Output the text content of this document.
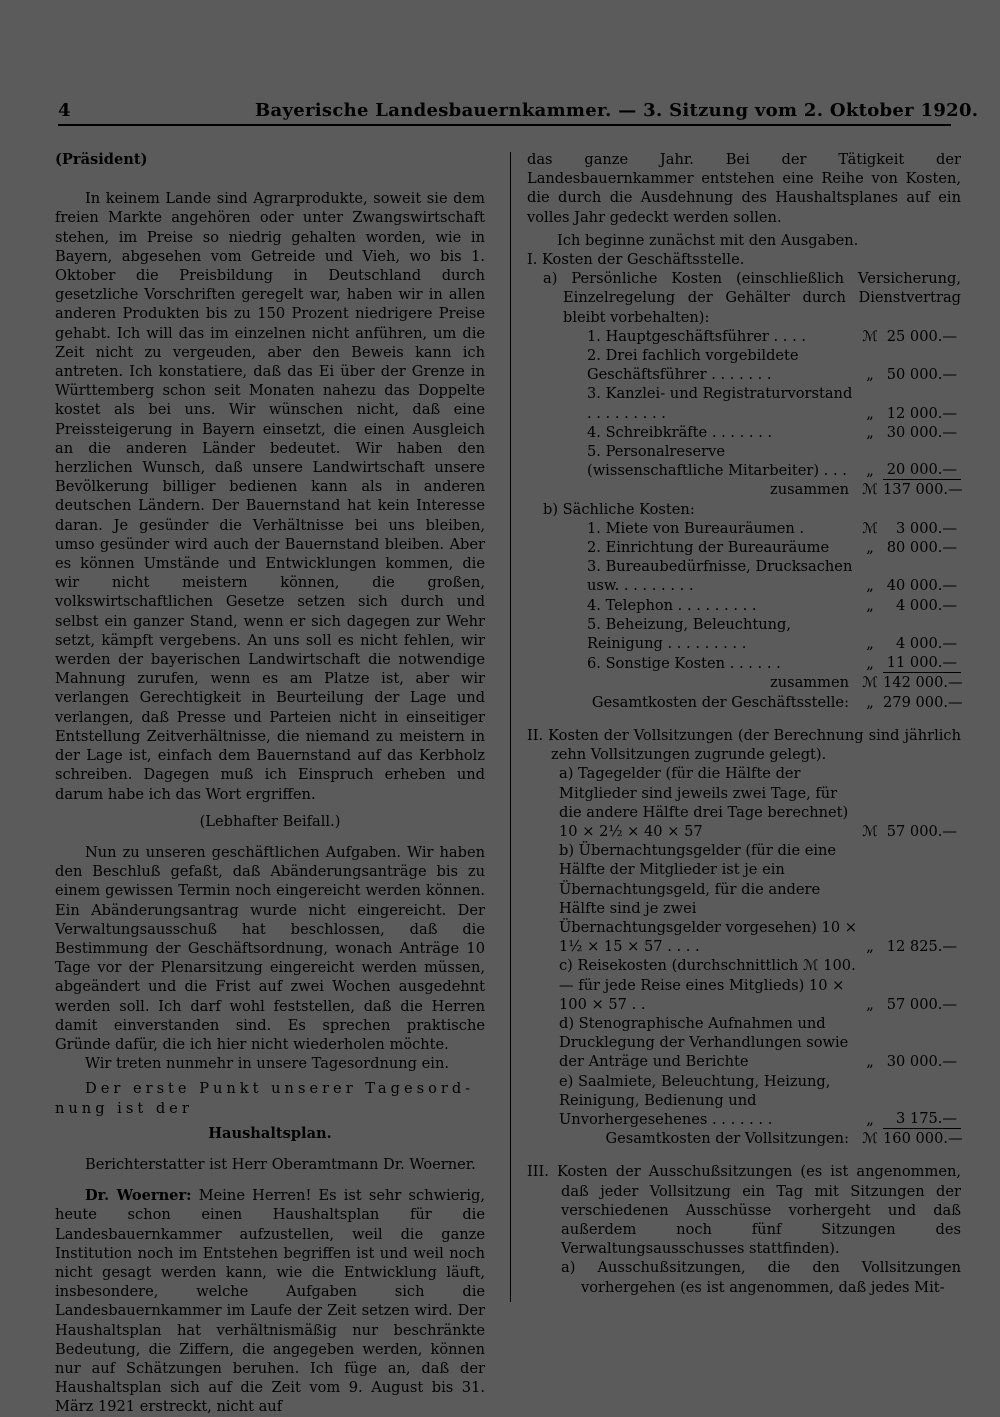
4	Bayerische Landesbauernkammer. — 3. Sitzung vom 2. Oktober 1920.

(Präsident)

In keinem Lande sind Agrarprodukte, soweit sie dem freien Markte angehören oder unter Zwangswirtschaft stehen, im Preise so niedrig gehalten worden, wie in Bayern, abgesehen vom Getreide und Vieh, wo bis 1. Oktober die Preisbildung in Deutschland durch gesetzliche Vorschriften geregelt war, haben wir in allen anderen Produkten bis zu 150 Prozent niedrigere Preise gehabt. Ich will das im einzelnen nicht anführen, um die Zeit nicht zu vergeuden, aber den Beweis kann ich antreten. Ich konstatiere, daß das Ei über der Grenze in Württemberg schon seit Monaten nahezu das Doppelte kostet als bei uns. Wir wünschen nicht, daß eine Preissteigerung in Bayern einsetzt, die einen Ausgleich an die anderen Länder bedeutet. Wir haben den herzlichen Wunsch, daß unsere Landwirtschaft unsere Bevölkerung billiger bedienen kann als in anderen deutschen Ländern. Der Bauernstand hat kein Interesse daran. Je gesünder die Verhältnisse bei uns bleiben, umso gesünder wird auch der Bauernstand bleiben. Aber es können Umstände und Entwicklungen kommen, die wir nicht meistern können, die großen, volkswirtschaftlichen Gesetze setzen sich durch und selbst ein ganzer Stand, wenn er sich dagegen zur Wehr setzt, kämpft vergebens. An uns soll es nicht fehlen, wir werden der bayerischen Landwirtschaft die notwendige Mahnung zurufen, wenn es am Platze ist, aber wir verlangen Gerechtigkeit in Beurteilung der Lage und verlangen, daß Presse und Parteien nicht in einseitiger Entstellung Zeitverhältnisse, die niemand zu meistern in der Lage ist, einfach dem Bauernstand auf das Kerbholz schreiben. Dagegen muß ich Einspruch erheben und darum habe ich das Wort ergriffen.

(Lebhafter Beifall.)

Nun zu unseren geschäftlichen Aufgaben. Wir haben den Beschluß gefaßt, daß Abänderungsanträge bis zu einem gewissen Termin noch eingereicht werden können. Ein Abänderungsantrag wurde nicht eingereicht. Der Verwaltungsausschuß hat beschlossen, daß die Bestimmung der Geschäftsordnung, wonach Anträge 10 Tage vor der Plenarsitzung eingereicht werden müssen, abgeändert und die Frist auf zwei Wochen ausgedehnt werden soll. Ich darf wohl feststellen, daß die Herren damit einverstanden sind. Es sprechen praktische Gründe dafür, die ich hier nicht wiederholen möchte.

Wir treten nunmehr in unsere Tagesordnung ein.

Der erste Punkt unserer Tagesord-

nung ist der

Haushaltsplan.

Berichterstatter ist Herr Oberamtmann Dr. Woerner.

Dr. Woerner: Meine Herren! Es ist sehr schwierig, heute schon einen Haushaltsplan für die Landesbauernkammer aufzustellen, weil die ganze Institution noch im Entstehen begriffen ist und weil noch nicht gesagt werden kann, wie die Entwicklung läuft, insbesondere, welche Aufgaben sich die Landesbauernkammer im Laufe der Zeit setzen wird. Der Haushaltsplan hat verhältnismäßig nur beschränkte Bedeutung, die Ziffern, die angegeben werden, können nur auf Schätzungen beruhen. Ich füge an, daß der Haushaltsplan sich auf die Zeit vom 9. August bis 31. März 1921 erstreckt, nicht auf

das ganze Jahr. Bei der Tätigkeit der Landesbauernkammer entstehen eine Reihe von Kosten, die durch die Ausdehnung des Haushaltsplanes auf ein volles Jahr gedeckt werden sollen.

Ich beginne zunächst mit den Ausgaben.

I. Kosten der Geschäftsstelle.

a) Persönliche Kosten (einschließlich Versicherung, Einzelregelung der Gehälter durch Dienstvertrag bleibt vorbehalten):

1. Hauptgeschäftsführer . . . .	ℳ 25 000.—
2. Drei fachlich vorgebildete Geschäftsführer . . . . . . .	„ 50 000.—
3. Kanzlei- und Registraturvorstand . . . . . . . . .	„ 12 000.—
4. Schreibkräfte . . . . . . .	„ 30 000.—
5. Personalreserve (wissenschaftliche Mitarbeiter) . . .	„ 20 000.—
zusammen ℳ 137 000.—

b) Sächliche Kosten:

1. Miete von Bureauräumen .	ℳ	3 000.—
2. Einrichtung der Bureauräume	„ 80 000.—
3. Bureaubedürfnisse, Drucksachen usw. . . . . . . . .	„ 40 000.—
4. Telephon . . . . . . . . .	„	4 000.—
5. Beheizung, Beleuchtung, Reinigung . . . . . . . . .	„	4 000.—
6. Sonstige Kosten . . . . . .	„ 11 000.—
zusammen ℳ 142 000.—
Gesamtkosten der Geschäftsstelle:	„ 279 000.—

II. Kosten der Vollsitzungen (der Berechnung sind jährlich zehn Vollsitzungen zugrunde gelegt).

a) Tagegelder (für die Hälfte der Mitglieder sind jeweils zwei Tage, für die andere Hälfte drei Tage berechnet) 10 × 2½ × 40 × 57	ℳ 57 000.—
b) Übernachtungsgelder (für die eine Hälfte der Mitglieder ist je ein Übernachtungsgeld, für die andere Hälfte sind je zwei Übernachtungsgelder vorgesehen) 10 × 1½ × 15 × 57 . . . .	„ 12 825.—
c) Reisekosten (durchschnittlich ℳ 100.— für jede Reise eines Mitglieds) 10 × 100 × 57 . .	„ 57 000.—
d) Stenographische Aufnahmen und Drucklegung der Verhandlungen sowie der Anträge und Berichte	„ 30 000.—
e) Saalmiete, Beleuchtung, Heizung, Reinigung, Bedienung und Unvorhergesehenes . . . . . . .	„	3 175.—
Gesamtkosten der Vollsitzungen: ℳ 160 000.—

III. Kosten der Ausschußsitzungen (es ist angenommen, daß jeder Vollsitzung ein Tag mit Sitzungen der verschiedenen Ausschüsse vorhergeht und daß außerdem noch fünf Sitzungen des Verwaltungsausschusses stattfinden).

a) Ausschußsitzungen, die den Vollsitzungen vorhergehen (es ist angenommen, daß jedes Mit-
